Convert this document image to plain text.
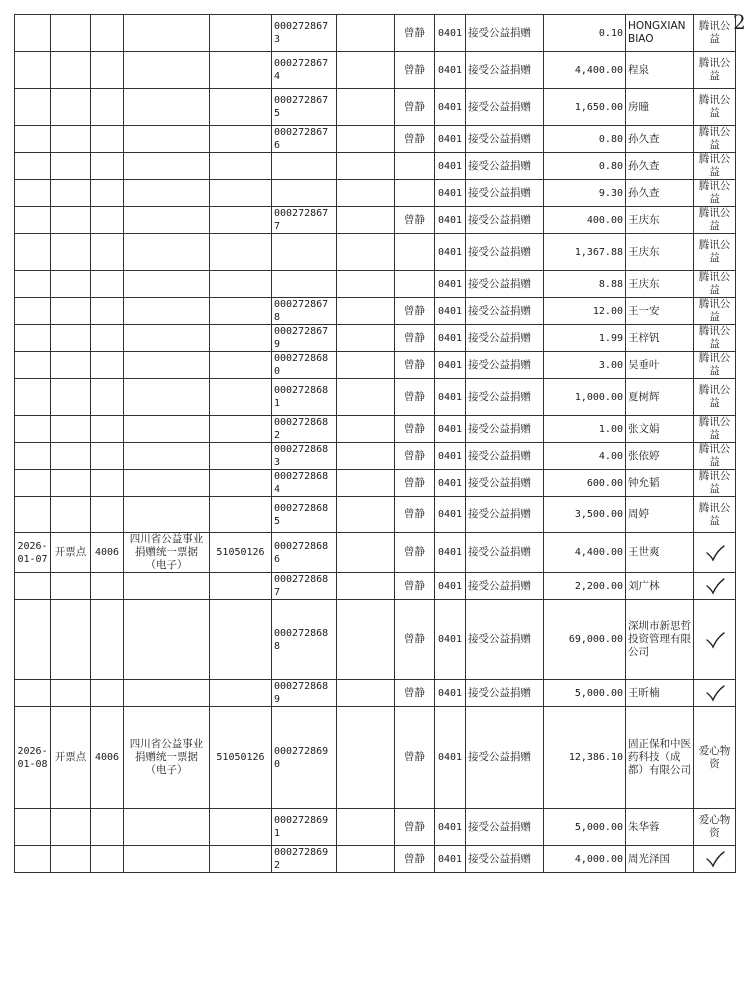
2
					0002728673		曾静	0401	接受公益捐赠	0.10	HONGXIANBIAO	腾讯公益
					0002728674		曾静	0401	接受公益捐赠	4,400.00	程泉	腾讯公益
					0002728675		曾静	0401	接受公益捐赠	1,650.00	房曈	腾讯公益
					0002728676		曾静	0401	接受公益捐赠	0.80	孙久查	腾讯公益
								0401	接受公益捐赠	0.80	孙久查	腾讯公益
								0401	接受公益捐赠	9.30	孙久查	腾讯公益
					0002728677		曾静	0401	接受公益捐赠	400.00	王庆东	腾讯公益
								0401	接受公益捐赠	1,367.88	王庆东	腾讯公益
								0401	接受公益捐赠	8.88	王庆东	腾讯公益
					0002728678		曾静	0401	接受公益捐赠	12.00	王一安	腾讯公益
					0002728679		曾静	0401	接受公益捐赠	1.99	王梓钒	腾讯公益
					0002728680		曾静	0401	接受公益捐赠	3.00	吴垂叶	腾讯公益
					0002728681		曾静	0401	接受公益捐赠	1,000.00	夏树辉	腾讯公益
					0002728682		曾静	0401	接受公益捐赠	1.00	张文娟	腾讯公益
					0002728683		曾静	0401	接受公益捐赠	4.00	张依婷	腾讯公益
					0002728684		曾静	0401	接受公益捐赠	600.00	钟允韬	腾讯公益
					0002728685		曾静	0401	接受公益捐赠	3,500.00	周婷	腾讯公益
2026-01-07	开票点	4006	四川省公益事业捐赠统一票据（电子）	51050126	0002728686		曾静	0401	接受公益捐赠	4,400.00	王世爽	
					0002728687		曾静	0401	接受公益捐赠	2,200.00	刘广林	
					0002728688		曾静	0401	接受公益捐赠	69,000.00	深圳市新思哲投资管理有限公司	
					0002728689		曾静	0401	接受公益捐赠	5,000.00	王昕楠	
2026-01-08	开票点	4006	四川省公益事业捐赠统一票据（电子）	51050126	0002728690		曾静	0401	接受公益捐赠	12,386.10	固正保和中医药科技（成都）有限公司	爱心物资
					0002728691		曾静	0401	接受公益捐赠	5,000.00	朱华蓉	爱心物资
					0002728692		曾静	0401	接受公益捐赠	4,000.00	周光泽国	
